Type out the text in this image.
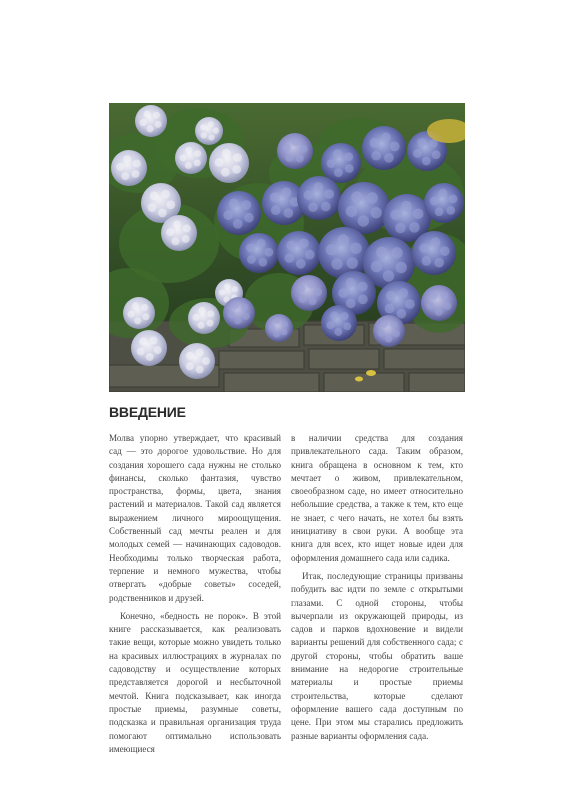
ВВЕДЕНИЕ

Молва упорно утверждает, что красивый сад — это дорогое удовольствие. Но для создания хорошего сада нужны не столько финансы, сколько фантазия, чувство пространства, формы, цвета, знания растений и материалов. Такой сад является выражением личного мироощущения. Собственный сад мечты реален и для молодых семей — начинающих садоводов. Необходимы только творческая работа, терпение и немного мужества, чтобы отвергать «добрые советы» соседей, родственников и друзей.

Конечно, «бедность не порок». В этой книге рассказывается, как реализовать такие вещи, которые можно увидеть только на красивых иллюстрациях в журналах по садоводству и осуществление которых представляется дорогой и несбыточной мечтой. Книга подсказывает, как иногда простые приемы, разумные советы, подсказка и правильная организация труда помогают оптимально использовать имеющиеся

в наличии средства для создания привлекательного сада. Таким образом, книга обращена в основном к тем, кто мечтает о живом, привлекательном, своеобразном саде, но имеет относительно небольшие средства, а также к тем, кто еще не знает, с чего начать, не хотел бы взять инициативу в свои руки. А вообще эта книга для всех, кто ищет новые идеи для оформления домашнего сада или садика.

Итак, последующие страницы призваны побудить вас идти по земле с открытыми глазами. С одной стороны, чтобы вычерпали из окружающей природы, из садов и парков вдохновение и видели варианты решений для собственного сада; с другой стороны, чтобы обратить ваше внимание на недорогие строительные материалы и простые приемы строительства, которые сделают оформление вашего сада доступным по цене. При этом мы старались предложить разные варианты оформления сада.
